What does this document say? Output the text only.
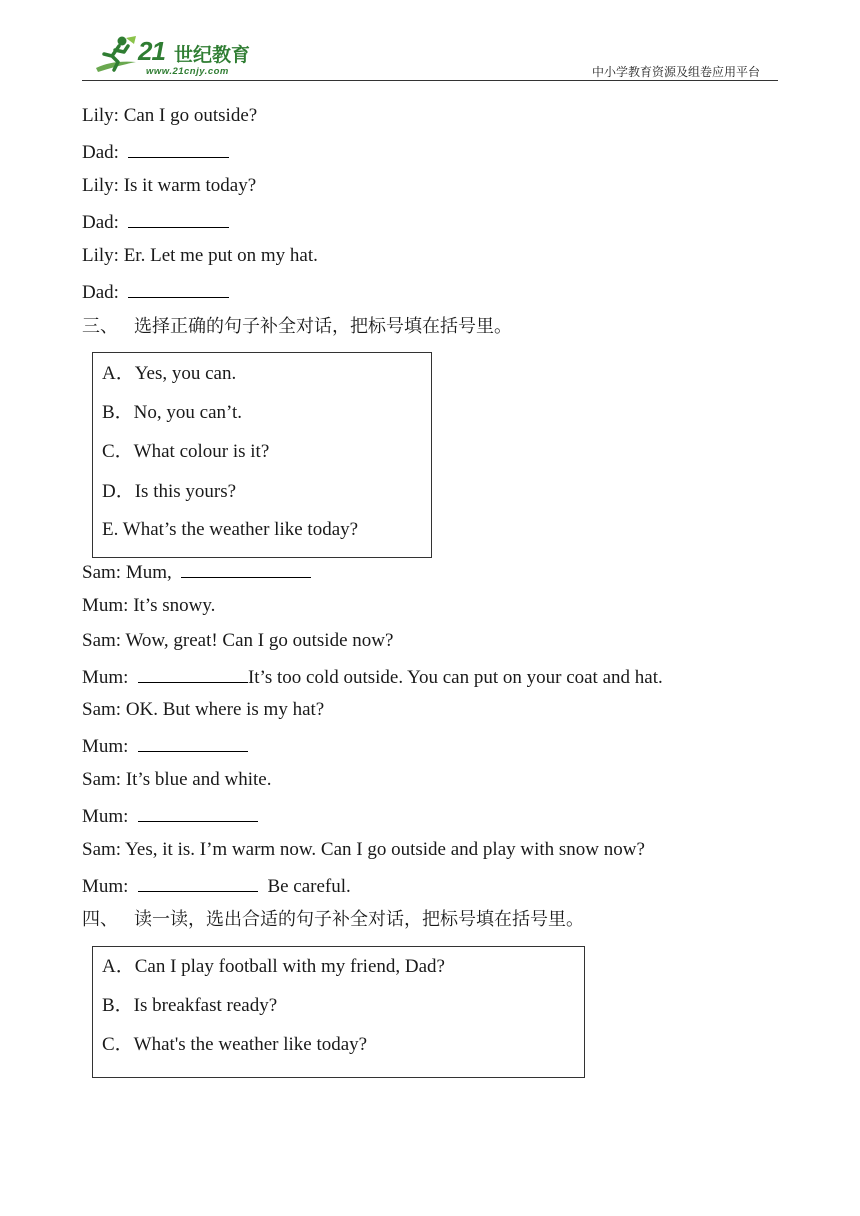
21 世纪教育
www.21cnjy.com	中小学教育资源及组卷应用平台
Lily: Can I go outside?
Dad:
Lily: Is it warm today?
Dad:
Lily: Er. Let me put on my hat.
Dad:
三、 选择正确的句子补全对话，把标号填在括号里。
A．Yes, you can.
B．No, you can’t.
C．What colour is it?
D．Is this yours?
E. What’s the weather like today?
Sam: Mum,
Mum: It’s snowy.
Sam: Wow, great! Can I go outside now?
Mum:	It’s too cold outside. You can put on your coat and hat.
Sam: OK. But where is my hat?
Mum:
Sam: It’s blue and white.
Mum:
Sam: Yes, it is. I’m warm now. Can I go outside and play with snow now?
Mum:	Be careful.
四、 读一读，选出合适的句子补全对话，把标号填在括号里。
A．Can I play football with my friend, Dad?
B．Is breakfast ready?
C．What's the weather like today?
